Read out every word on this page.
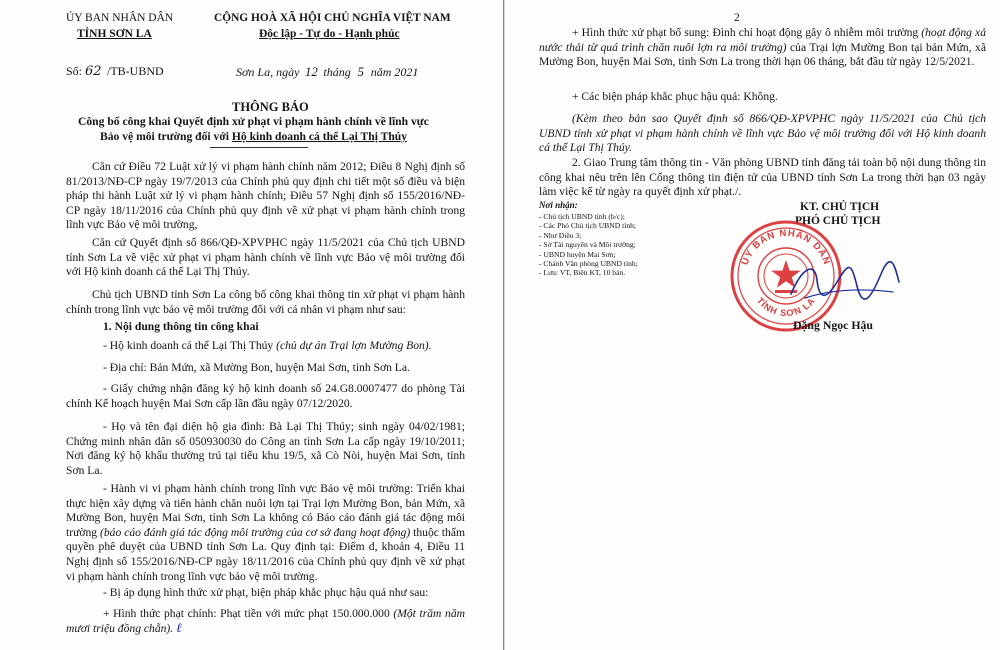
ỦY BAN NHÂN DÂN
TỈNH SƠN LA
CỘNG HOÀ XÃ HỘI CHỦ NGHĨA VIỆT NAM
Độc lập - Tự do - Hạnh phúc
Số: 62 /TB-UBND	Sơn La, ngày 12 tháng 5 năm 2021
THÔNG BÁO
Công bố công khai Quyết định xử phạt vi phạm hành chính về lĩnh vực
Bảo vệ môi trường đối với Hộ kinh doanh cá thể Lại Thị Thúy
Căn cứ Điều 72 Luật xử lý vi phạm hành chính năm 2012; Điều 8 Nghị định số 81/2013/NĐ-CP ngày 19/7/2013 của Chính phủ quy định chi tiết một số điều và biện pháp thi hành Luật xử lý vi phạm hành chính; Điều 57 Nghị định số 155/2016/NĐ-CP ngày 18/11/2016 của Chính phủ quy định về xử phạt vi phạm hành chính trong lĩnh vực Bảo vệ môi trường,
Căn cứ Quyết định số 866/QĐ-XPVPHC ngày 11/5/2021 của Chủ tịch UBND tỉnh Sơn La về việc xử phạt vi phạm hành chính về lĩnh vực Bảo vệ môi trường đối với Hộ kinh doanh cá thể Lại Thị Thúy.
Chủ tịch UBND tỉnh Sơn La công bố công khai thông tin xử phạt vi phạm hành chính trong lĩnh vực bảo vệ môi trường đối với cá nhân vi phạm như sau:
1. Nội dung thông tin công khai
- Hộ kinh doanh cá thể Lại Thị Thúy (chủ dự án Trại lợn Mường Bon).
- Địa chỉ: Bản Mứn, xã Mường Bon, huyện Mai Sơn, tỉnh Sơn La.
- Giấy chứng nhận đăng ký hộ kinh doanh số 24.G8.0007477 do phòng Tài chính Kế hoạch huyện Mai Sơn cấp lần đầu ngày 07/12/2020.
- Họ và tên đại diện hộ gia đình: Bà Lại Thị Thúy; sinh ngày 04/02/1981; Chứng minh nhân dân số 050930030 do Công an tỉnh Sơn La cấp ngày 19/10/2011; Nơi đăng ký hộ khẩu thường trú tại tiểu khu 19/5, xã Cò Nòi, huyện Mai Sơn, tỉnh Sơn La.
- Hành vi vi phạm hành chính trong lĩnh vực Bảo vệ môi trường: Triển khai thực hiện xây dựng và tiến hành chăn nuôi lợn tại Trại lợn Mường Bon, bản Mứn, xã Mường Bon, huyện Mai Sơn, tỉnh Sơn La không có Báo cáo đánh giá tác động môi trường (báo cáo đánh giá tác động môi trường của cơ sở đang hoạt động) thuộc thẩm quyền phê duyệt của UBND tỉnh Sơn La. Quy định tại: Điểm d, khoản 4, Điều 11 Nghị định số 155/2016/NĐ-CP ngày 18/11/2016 của Chính phủ quy định về xử phạt vi phạm hành chính trong lĩnh vực bảo vệ môi trường.
- Bị áp dụng hình thức xử phạt, biện pháp khắc phục hậu quả như sau:
+ Hình thức phạt chính: Phạt tiền với mức phạt 150.000.000 (Một trăm năm mươi triệu đồng chẵn). ℓ
2
+ Hình thức xử phạt bổ sung: Đình chỉ hoạt động gây ô nhiễm môi trường (hoạt động xả nước thải từ quá trình chăn nuôi lợn ra môi trường) của Trại lợn Mường Bon tại bản Mứn, xã Mường Bon, huyện Mai Sơn, tỉnh Sơn La trong thời hạn 06 tháng, bắt đầu từ ngày 12/5/2021.
+ Các biện pháp khắc phục hậu quả: Không.
(Kèm theo bản sao Quyết định số 866/QĐ-XPVPHC ngày 11/5/2021 của Chủ tịch UBND tỉnh xử phạt vi phạm hành chính về lĩnh vực Bảo vệ môi trường đối với Hộ kinh doanh cá thể Lại Thị Thúy.
2. Giao Trung tâm thông tin - Văn phòng UBND tỉnh đăng tải toàn bộ nội dung thông tin công khai nêu trên lên Cổng thông tin điện tử của UBND tỉnh Sơn La trong thời hạn 03 ngày làm việc kể từ ngày ra quyết định xử phạt./.
Nơi nhận:
- Chủ tịch UBND tỉnh (b/c);
- Các Phó Chủ tịch UBND tỉnh;
- Như Điều 3;
- Sở Tài nguyên và Môi trường;
- UBND huyện Mai Sơn;
- Chánh Văn phòng UBND tỉnh;
- Lưu: VT, Biên KT, 10 bản.
KT. CHỦ TỊCH
PHÓ CHỦ TỊCH
ỦY BAN NHÂN DÂN
TỈNH SƠN LA
Đặng Ngọc Hậu
